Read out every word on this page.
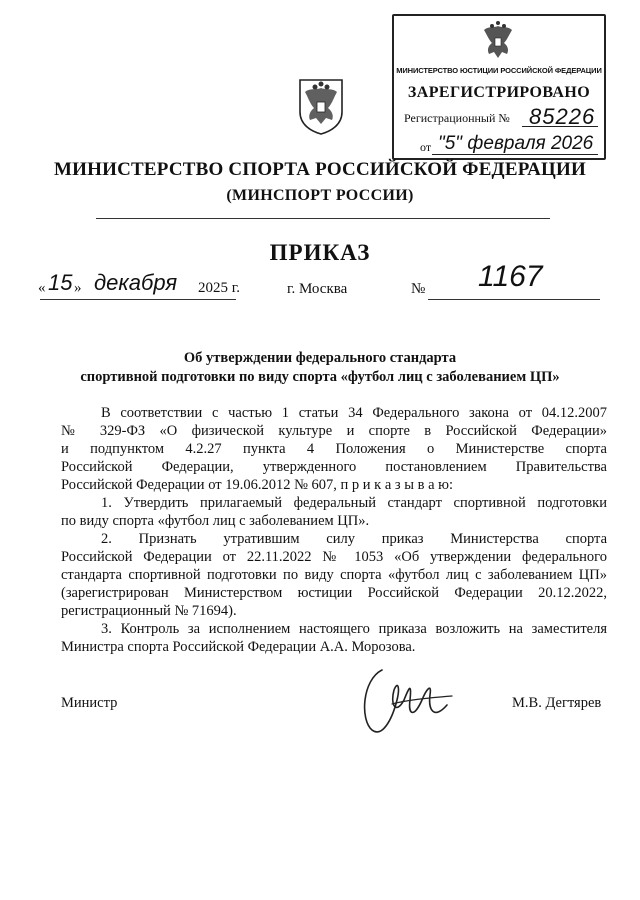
МИНИСТЕРСТВО ЮСТИЦИИ РОССИЙСКОЙ ФЕДЕРАЦИИ
ЗАРЕГИСТРИРОВАНО
Регистрационный № 85226
от "5" февраля 2026
МИНИСТЕРСТВО СПОРТА РОССИЙСКОЙ ФЕДЕРАЦИИ
(МИНСПОРТ РОССИИ)
ПРИКАЗ
« 15 » декабря 2025 г.	г. Москва	№ 1167
Об утверждении федерального стандарта
спортивной подготовки по виду спорта «футбол лиц с заболеванием ЦП»
В соответствии с частью 1 статьи 34 Федерального закона от 04.12.2007
№ 329-ФЗ «О физической культуре и спорте в Российской Федерации»
и подпунктом 4.2.27 пункта 4 Положения о Министерстве спорта
Российской Федерации, утвержденного постановлением Правительства
Российской Федерации от 19.06.2012 № 607, п р и к а з ы в а ю:
1. Утвердить прилагаемый федеральный стандарт спортивной подготовки
по виду спорта «футбол лиц с заболеванием ЦП».
2. Признать утратившим силу приказ Министерства спорта
Российской Федерации от 22.11.2022 № 1053 «Об утверждении федерального
стандарта спортивной подготовки по виду спорта «футбол лиц с заболеванием ЦП»
(зарегистрирован Министерством юстиции Российской Федерации 20.12.2022,
регистрационный № 71694).
3. Контроль за исполнением настоящего приказа возложить на заместителя
Министра спорта Российской Федерации А.А. Морозова.
Министр	М.В. Дегтярев
